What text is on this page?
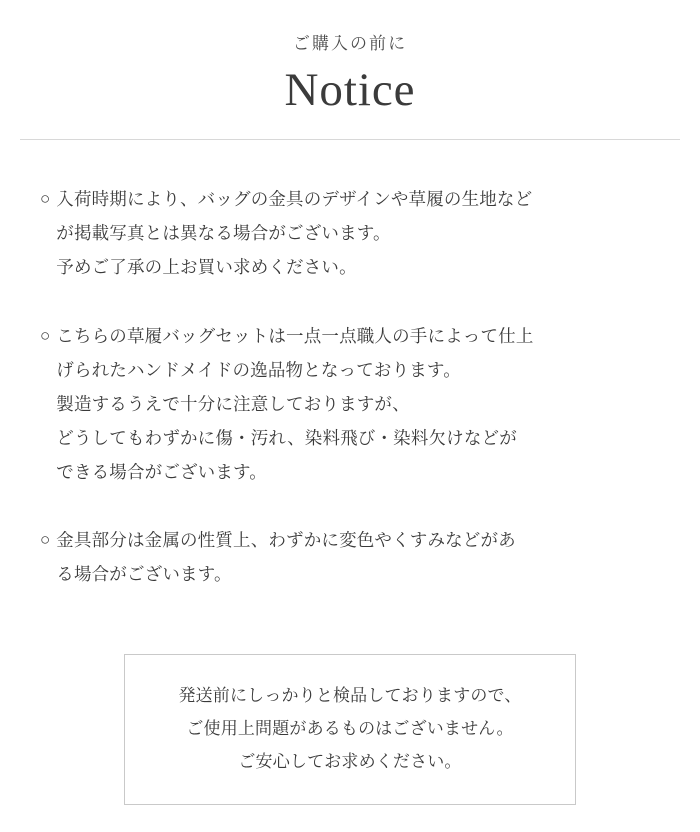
ご購入の前に
Notice
○ 入荷時期により、バッグの金具のデザインや草履の生地など
が掲載写真とは異なる場合がございます。
予めご了承の上お買い求めください。
○ こちらの草履バッグセットは一点一点職人の手によって仕上
げられたハンドメイドの逸品物となっております。
製造するうえで十分に注意しておりますが、
どうしてもわずかに傷・汚れ、染料飛び・染料欠けなどが
できる場合がございます。
○ 金具部分は金属の性質上、わずかに変色やくすみなどがあ
る場合がございます。
発送前にしっかりと検品しておりますので、
ご使用上問題があるものはございません。
ご安心してお求めください。
